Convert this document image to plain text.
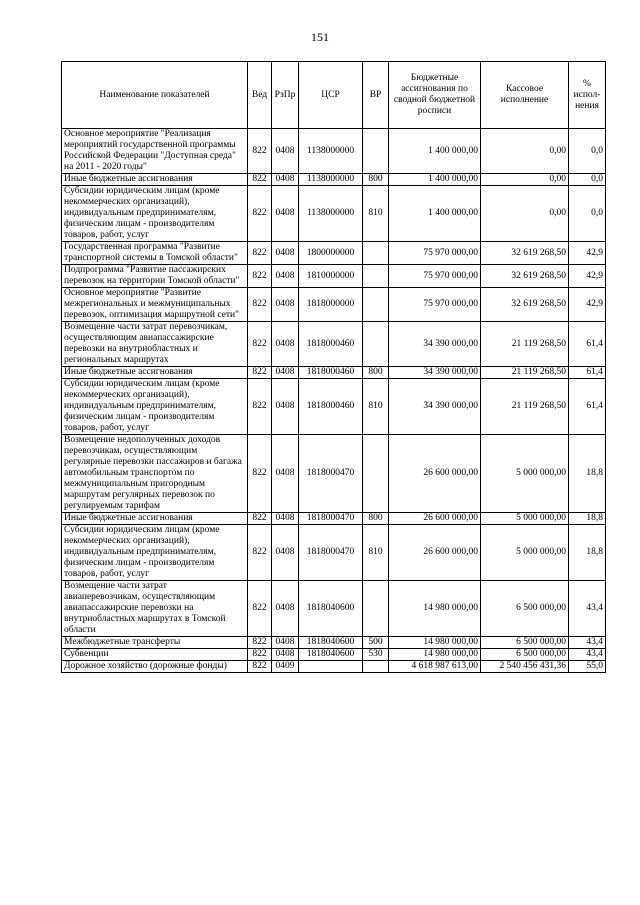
151
Наименование показателей	Вед	РзПр	ЦСР	ВР	Бюджетные ассигнования по сводной бюджетной росписи	Кассовое исполнение	% испол-нения
Основное мероприятие "Реализация мероприятий государственной программы Российской Федерации "Доступная среда" на 2011 - 2020 годы"	822	0408	1138000000		1 400 000,00	0,00	0,0
Иные бюджетные ассигнования	822	0408	1138000000	800	1 400 000,00	0,00	0,0
Субсидии юридическим лицам (кроме некоммерческих организаций), индивидуальным предпринимателям, физическим лицам - производителям товаров, работ, услуг	822	0408	1138000000	810	1 400 000,00	0,00	0,0
Государственная программа "Развитие транспортной системы в Томской области"	822	0408	1800000000		75 970 000,00	32 619 268,50	42,9
Подпрограмма "Развитие пассажирских перевозок на территории Томской области"	822	0408	1810000000		75 970 000,00	32 619 268,50	42,9
Основное мероприятие "Развитие межрегиональных и межмуниципальных перевозок, оптимизация маршрутной сети"	822	0408	1818000000		75 970 000,00	32 619 268,50	42,9
Возмещение части затрат перевозчикам, осуществляющим авиапассажирские перевозки на внутриобластных и региональных маршрутах	822	0408	1818000460		34 390 000,00	21 119 268,50	61,4
Иные бюджетные ассигнования	822	0408	1818000460	800	34 390 000,00	21 119 268,50	61,4
Субсидии юридическим лицам (кроме некоммерческих организаций), индивидуальным предпринимателям, физическим лицам - производителям товаров, работ, услуг	822	0408	1818000460	810	34 390 000,00	21 119 268,50	61,4
Возмещение недополученных доходов перевозчикам, осуществляющим регулярные перевозки пассажиров и багажа автомобильным транспортом по межмуниципальным пригородным маршрутам регулярных перевозок по регулируемым тарифам	822	0408	1818000470		26 600 000,00	5 000 000,00	18,8
Иные бюджетные ассигнования	822	0408	1818000470	800	26 600 000,00	5 000 000,00	18,8
Субсидии юридическим лицам (кроме некоммерческих организаций), индивидуальным предпринимателям, физическим лицам - производителям товаров, работ, услуг	822	0408	1818000470	810	26 600 000,00	5 000 000,00	18,8
Возмещение части затрат авиаперевозчикам, осуществляющим авиапассажирские перевозки на внутриобластных маршрутах в Томской области	822	0408	1818040600		14 980 000,00	6 500 000,00	43,4
Межбюджетные трансферты	822	0408	1818040600	500	14 980 000,00	6 500 000,00	43,4
Субвенции	822	0408	1818040600	530	14 980 000,00	6 500 000,00	43,4
Дорожное хозяйство (дорожные фонды)	822	0409			4 618 987 613,00	2 540 456 431,36	55,0
